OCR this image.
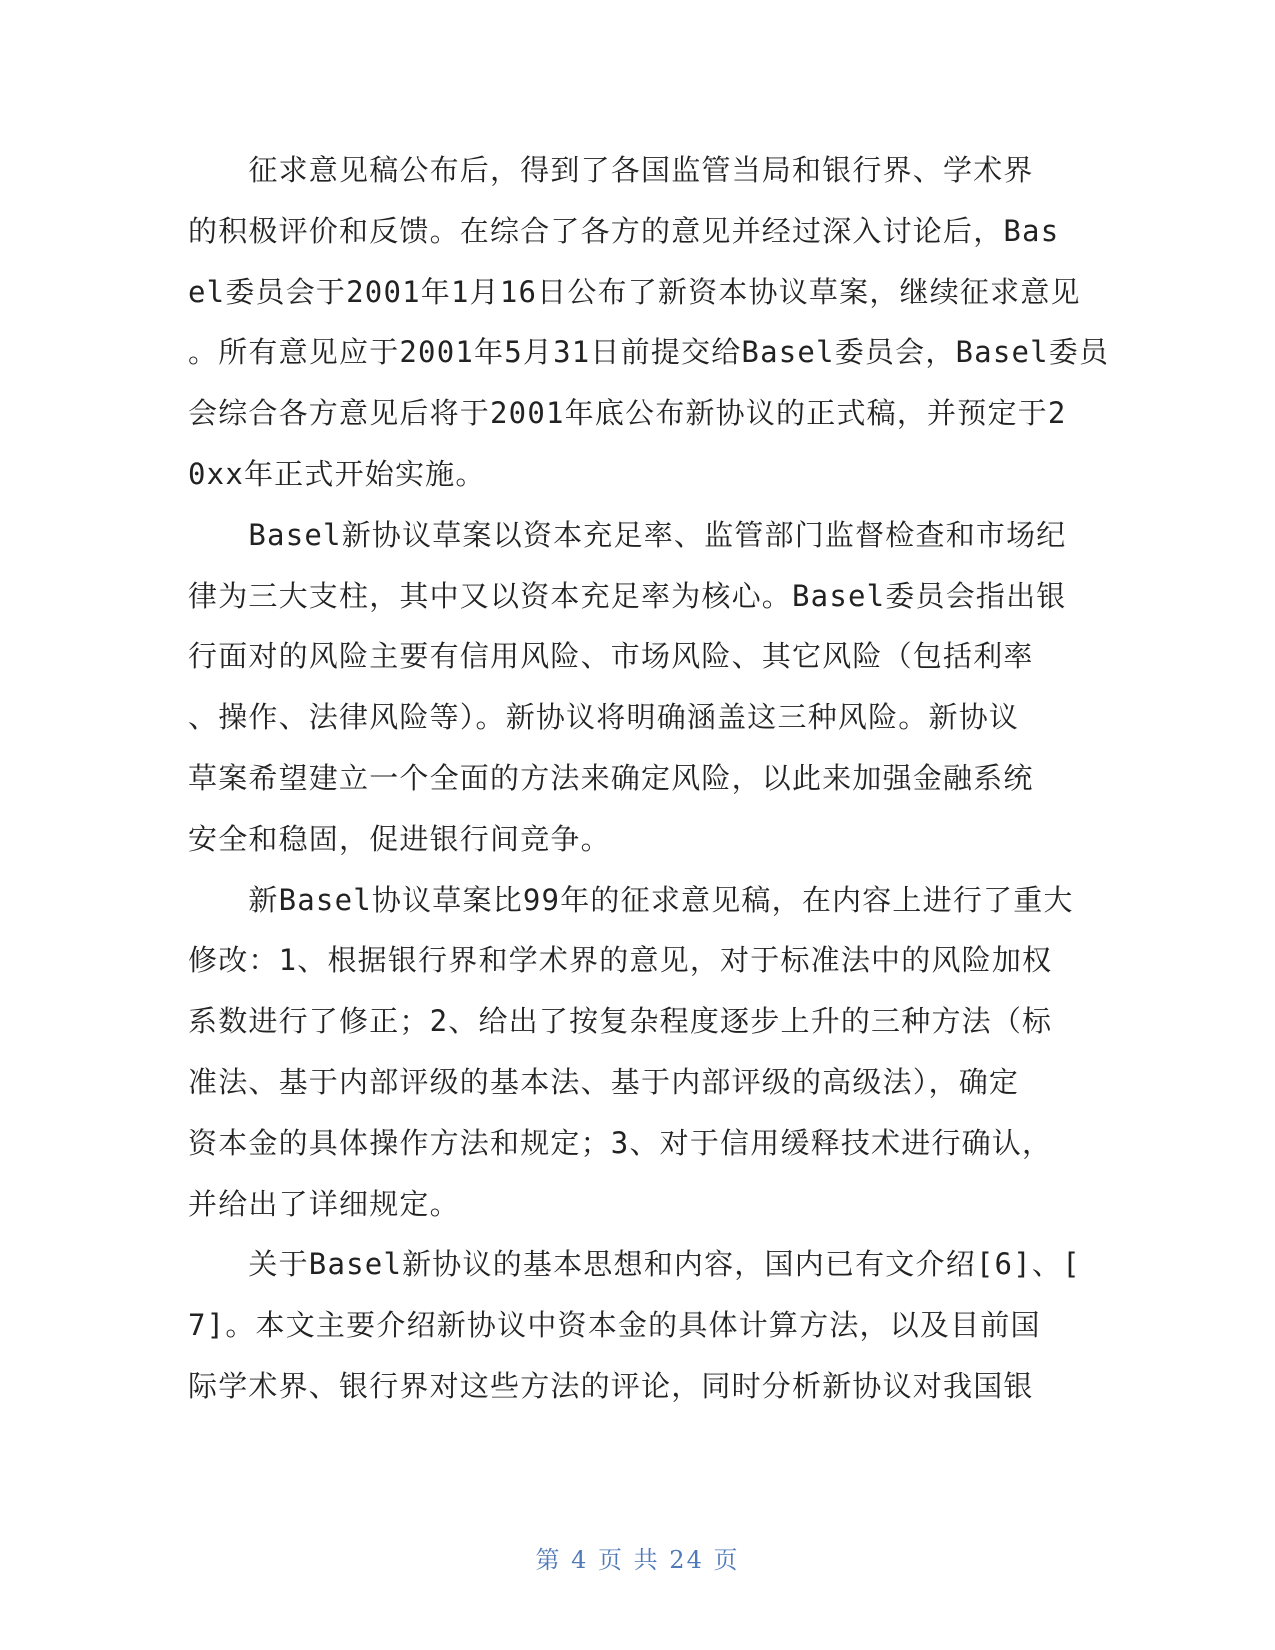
　　征求意见稿公布后，得到了各国监管当局和银行界、学术界
的积极评价和反馈。在综合了各方的意见并经过深入讨论后，Bas
el委员会于2001年1月16日公布了新资本协议草案，继续征求意见
。所有意见应于2001年5月31日前提交给Basel委员会，Basel委员
会综合各方意见后将于2001年底公布新协议的正式稿，并预定于2
0xx年正式开始实施。
　　Basel新协议草案以资本充足率、监管部门监督检查和市场纪
律为三大支柱，其中又以资本充足率为核心。Basel委员会指出银
行面对的风险主要有信用风险、市场风险、其它风险（包括利率
、操作、法律风险等）。新协议将明确涵盖这三种风险。新协议
草案希望建立一个全面的方法来确定风险，以此来加强金融系统
安全和稳固，促进银行间竞争。
　　新Basel协议草案比99年的征求意见稿，在内容上进行了重大
修改：1、根据银行界和学术界的意见，对于标准法中的风险加权
系数进行了修正；2、给出了按复杂程度逐步上升的三种方法（标
准法、基于内部评级的基本法、基于内部评级的高级法），确定
资本金的具体操作方法和规定；3、对于信用缓释技术进行确认，
并给出了详细规定。
　　关于Basel新协议的基本思想和内容，国内已有文介绍[6]、[
7]。本文主要介绍新协议中资本金的具体计算方法，以及目前国
际学术界、银行界对这些方法的评论，同时分析新协议对我国银
第 4 页 共 24 页
